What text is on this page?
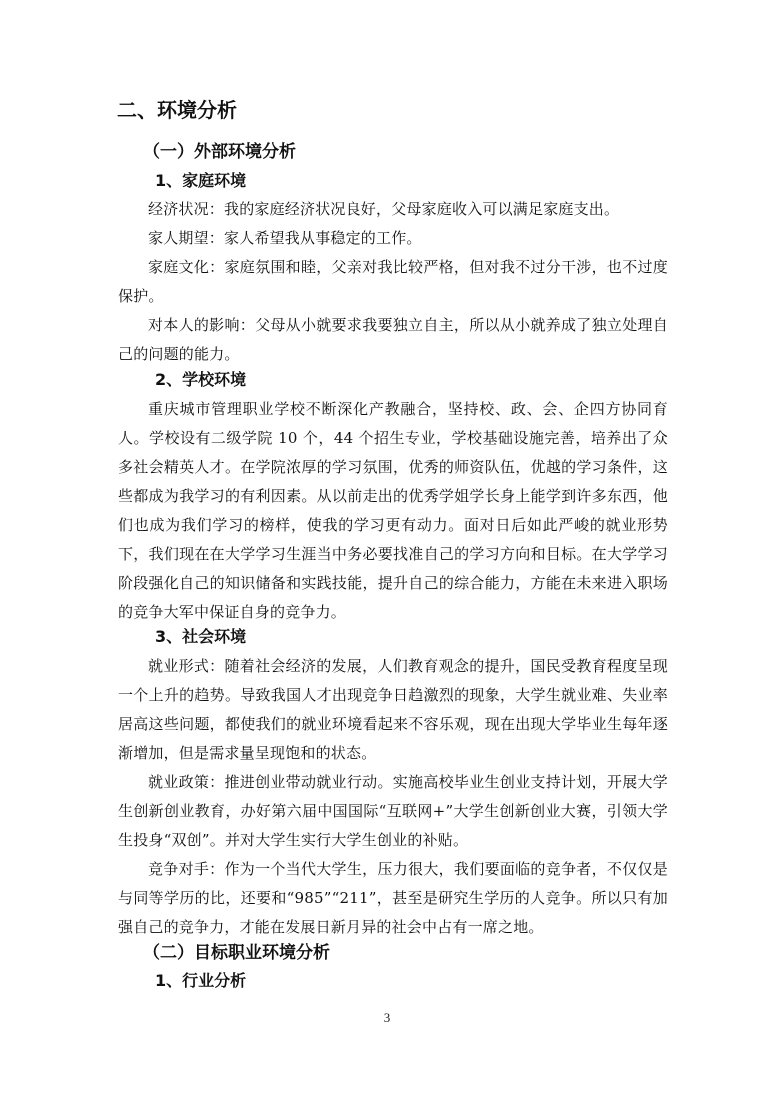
二、环境分析
（一）外部环境分析
1、家庭环境

经济状况：我的家庭经济状况良好，父母家庭收入可以满足家庭支出。

家人期望：家人希望我从事稳定的工作。

家庭文化：家庭氛围和睦，父亲对我比较严格，但对我不过分干涉，也不过度保护。

对本人的影响：父母从小就要求我要独立自主，所以从小就养成了独立处理自己的问题的能力。

2、学校环境

重庆城市管理职业学校不断深化产教融合，坚持校、政、会、企四方协同育人。学校设有二级学院 10 个，44 个招生专业，学校基础设施完善，培养出了众多社会精英人才。在学院浓厚的学习氛围，优秀的师资队伍，优越的学习条件，这些都成为我学习的有利因素。从以前走出的优秀学姐学长身上能学到许多东西，他们也成为我们学习的榜样，使我的学习更有动力。面对日后如此严峻的就业形势下，我们现在在大学学习生涯当中务必要找准自己的学习方向和目标。在大学学习阶段强化自己的知识储备和实践技能，提升自己的综合能力，方能在未来进入职场的竞争大军中保证自身的竞争力。

3、社会环境

就业形式：随着社会经济的发展，人们教育观念的提升，国民受教育程度呈现一个上升的趋势。导致我国人才出现竞争日趋激烈的现象，大学生就业难、失业率居高这些问题，都使我们的就业环境看起来不容乐观，现在出现大学毕业生每年逐渐增加，但是需求量呈现饱和的状态。

就业政策：推进创业带动就业行动。实施高校毕业生创业支持计划，开展大学生创新创业教育，办好第六届中国国际“互联网+”大学生创新创业大赛，引领大学生投身“双创”。并对大学生实行大学生创业的补贴。

竞争对手：作为一个当代大学生，压力很大，我们要面临的竞争者，不仅仅是与同等学历的比，还要和“985”“211”，甚至是研究生学历的人竞争。所以只有加强自己的竞争力，才能在发展日新月异的社会中占有一席之地。

（二）目标职业环境分析
1、行业分析
3
